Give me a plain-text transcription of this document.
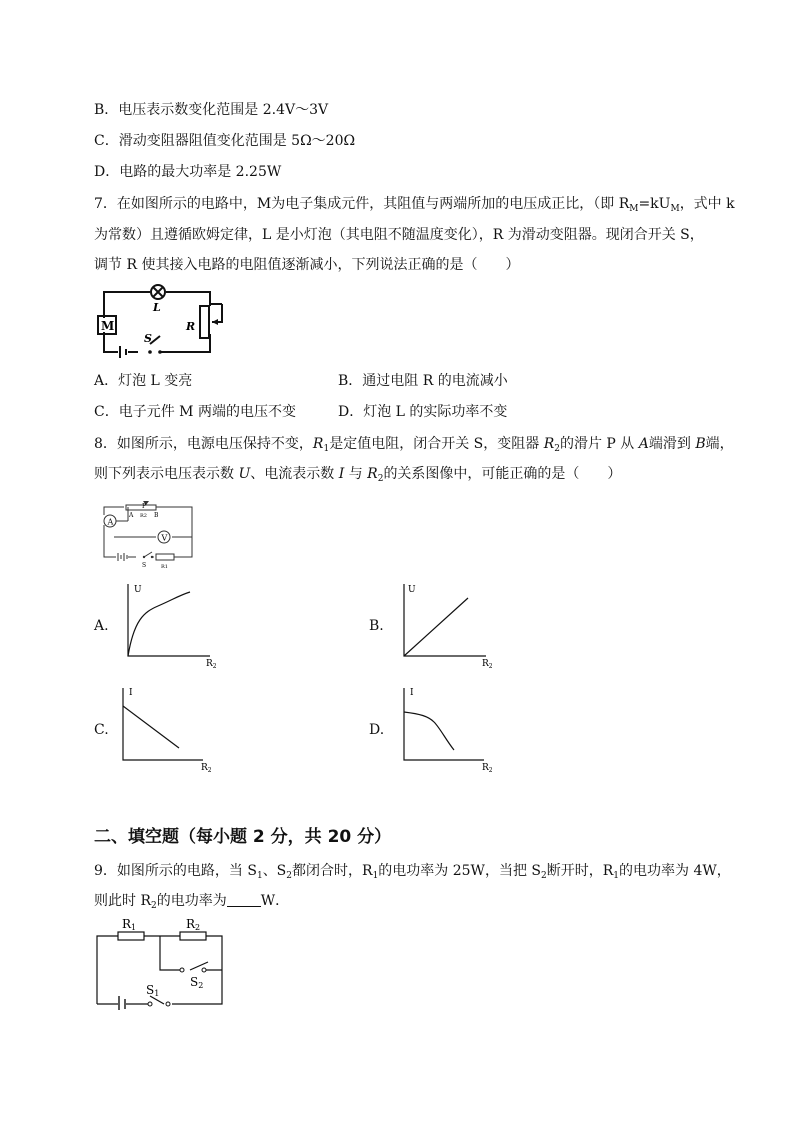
B．电压表示数变化范围是 2.4V～3V
C．滑动变阻器阻值变化范围是 5Ω～20Ω
D．电路的最大功率是 2.25W
7．在如图所示的电路中，M为电子集成元件，其阻值与两端所加的电压成正比，（即 $R_M=kU_M$，式中 k
为常数）且遵循欧姆定律，L 是小灯泡（其电阻不随温度变化），R 为滑动变阻器。现闭合开关 S，
调节 R 使其接入电路的电阻值逐渐减小，下列说法正确的是（　　）
M
L
R
S
A．灯泡 L 变亮	B．通过电阻 R 的电流减小
C．电子元件 M 两端的电压不变	D．灯泡 L 的实际功率不变
8．如图所示，电源电压保持不变，$R_1$是定值电阻，闭合开关 S，变阻器 $R_2$的滑片 P 从 A端滑到 B端，
则下列表示电压表示数 U、电流表示数 I 与 $R_2$的关系图像中，可能正确的是（　　）
A
V
P
A	B
R2
S	R1
A.	B.
C.	D.
U
$R_2$
U
$R_2$
I
$R_2$
I
$R_2$
二、填空题（每小题 2 分，共 20 分）
9．如图所示的电路，当 $S_1$、$S_2$都闭合时，$R_1$的电功率为 25W，当把 $S_2$断开时，$R_1$的电功率为 4W，
则此时 $R_2$的电功率为 W．
R1	R2
S2
S1
